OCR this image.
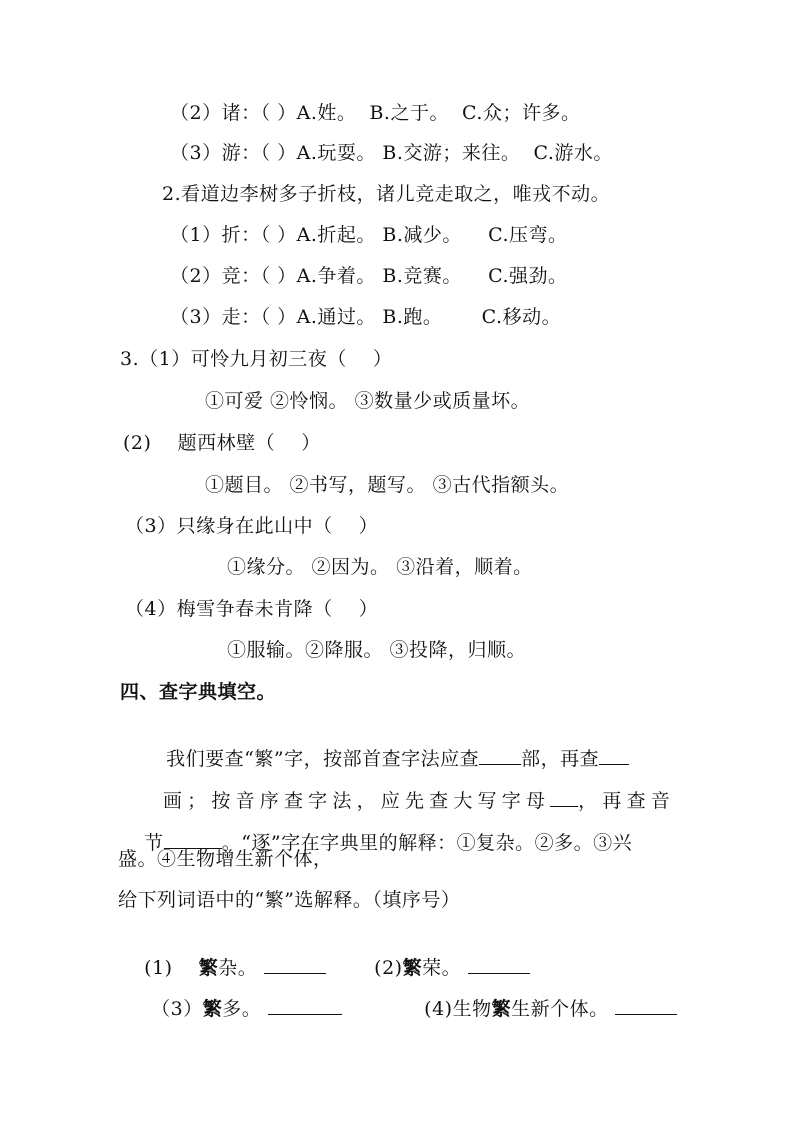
（2）诸：（ ）A.姓。  B.之于。  C.众；许多。
（3）游：（ ）A.玩耍。 B.交游；来往。  C.游水。
2.看道边李树多子折枝，诸儿竞走取之，唯戎不动。
（1）折：（ ）A.折起。 B.减少。    C.压弯。
（2）竞：（ ）A.争着。 B.竞赛。    C.强劲。
（3）走：（ ）A.通过。 B.跑。      C.移动。
3.（1）可怜九月初三夜（    ）
①可爱 ②怜悯。 ③数量少或质量坏。
(2)    题西林壁（    ）
①题目。 ②书写，题写。 ③古代指额头。
（3）只缘身在此山中（    ）
①缘分。 ②因为。 ③沿着，顺着。
（4）梅雪争春未肯降（    ）
①服输。②降服。 ③投降，归顺。
四、查字典填空。

我们要查“繁”字，按部首查字法应查 部，再查

画；按音序查字法，应先查大写字母 ，再查音

节	。“逐”字在字典里的解释：①复杂。②多。③兴

盛。④生物增生新个体，
给下列词语中的“繁”选解释。（填序号）

(1) 繁杂。
	(2)繁荣。

（3）繁多。
	(4)生物繁生新个体。
